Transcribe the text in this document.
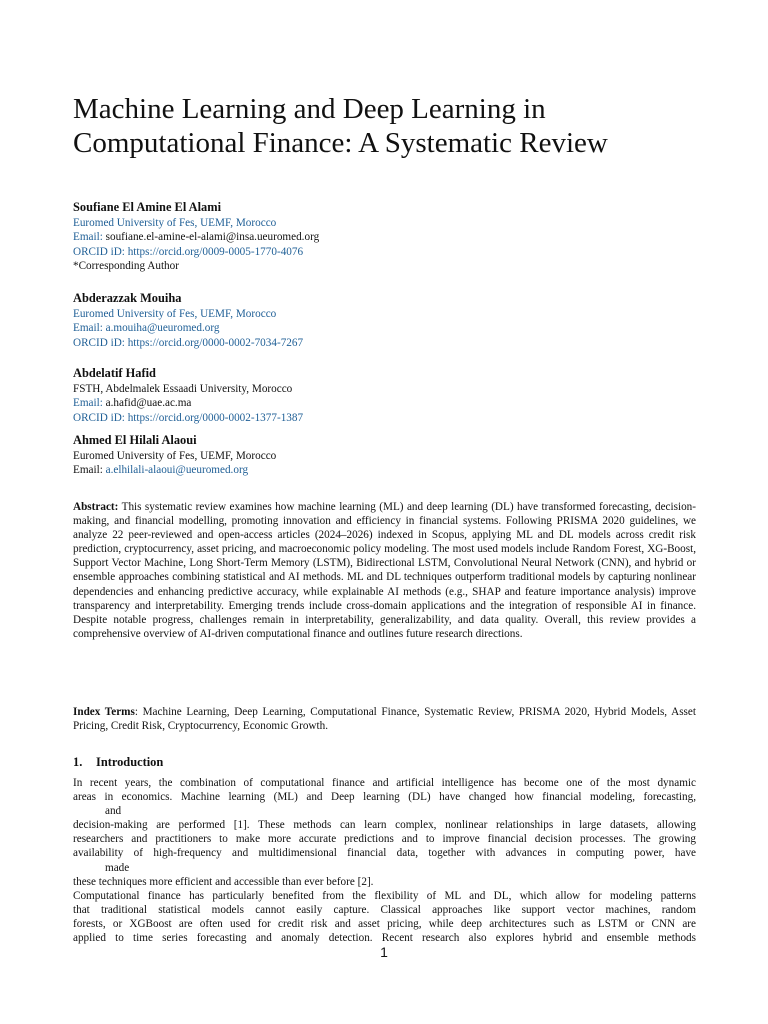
Machine Learning and Deep Learning in
Computational Finance: A Systematic Review
Soufiane El Amine El Alami
Euromed University of Fes, UEMF, Morocco
Email: soufiane.el-amine-el-alami@insa.ueuromed.org
ORCID iD: https://orcid.org/0009-0005-1770-4076
*Corresponding Author
Abderazzak Mouiha
Euromed University of Fes, UEMF, Morocco
Email: a.mouiha@ueuromed.org
ORCID iD: https://orcid.org/0000-0002-7034-7267
Abdelatif Hafid
FSTH, Abdelmalek Essaadi University, Morocco
Email: a.hafid@uae.ac.ma
ORCID iD: https://orcid.org/0000-0002-1377-1387
Ahmed El Hilali Alaoui
Euromed University of Fes, UEMF, Morocco
Email: a.elhilali-alaoui@ueuromed.org

Abstract: This systematic review examines how machine learning (ML) and deep learning (DL) have transformed forecasting, decision-making, and financial modelling, promoting innovation and efficiency in financial systems. Following PRISMA 2020 guidelines, we analyze 22 peer-reviewed and open-access articles (2024–2026) indexed in Scopus, applying ML and DL models across credit risk prediction, cryptocurrency, asset pricing, and macroeconomic policy modeling. The most used models include Random Forest, XG-Boost, Support Vector Machine, Long Short-Term Memory (LSTM), Bidirectional LSTM, Convolutional Neural Network (CNN), and hybrid or ensemble approaches combining statistical and AI methods. ML and DL techniques outperform traditional models by capturing nonlinear dependencies and enhancing predictive accuracy, while explainable AI methods (e.g., SHAP and feature importance analysis) improve transparency and interpretability. Emerging trends include cross-domain applications and the integration of responsible AI in finance. Despite notable progress, challenges remain in interpretability, generalizability, and data quality. Overall, this review provides a comprehensive overview of AI-driven computational finance and outlines future research directions.

Index Terms: Machine Learning, Deep Learning, Computational Finance, Systematic Review, PRISMA 2020, Hybrid Models, Asset Pricing, Credit Risk, Cryptocurrency, Economic Growth.

1. Introduction
In recent years, the combination of computational finance and artificial intelligence has become one of the most dynamic
areas in economics. Machine learning (ML) and Deep learning (DL) have changed how financial modeling, forecasting,
and
decision-making are performed [1]. These methods can learn complex, nonlinear relationships in large datasets, allowing
researchers and practitioners to make more accurate predictions and to improve financial decision processes. The growing
availability of high-frequency and multidimensional financial data, together with advances in computing power, have
made
these techniques more efficient and accessible than ever before [2].
Computational finance has particularly benefited from the flexibility of ML and DL, which allow for modeling patterns
that traditional statistical models cannot easily capture. Classical approaches like support vector machines, random
forests, or XGBoost are often used for credit risk and asset pricing, while deep architectures such as LSTM or CNN are
applied to time series forecasting and anomaly detection. Recent research also explores hybrid and ensemble methods
1
